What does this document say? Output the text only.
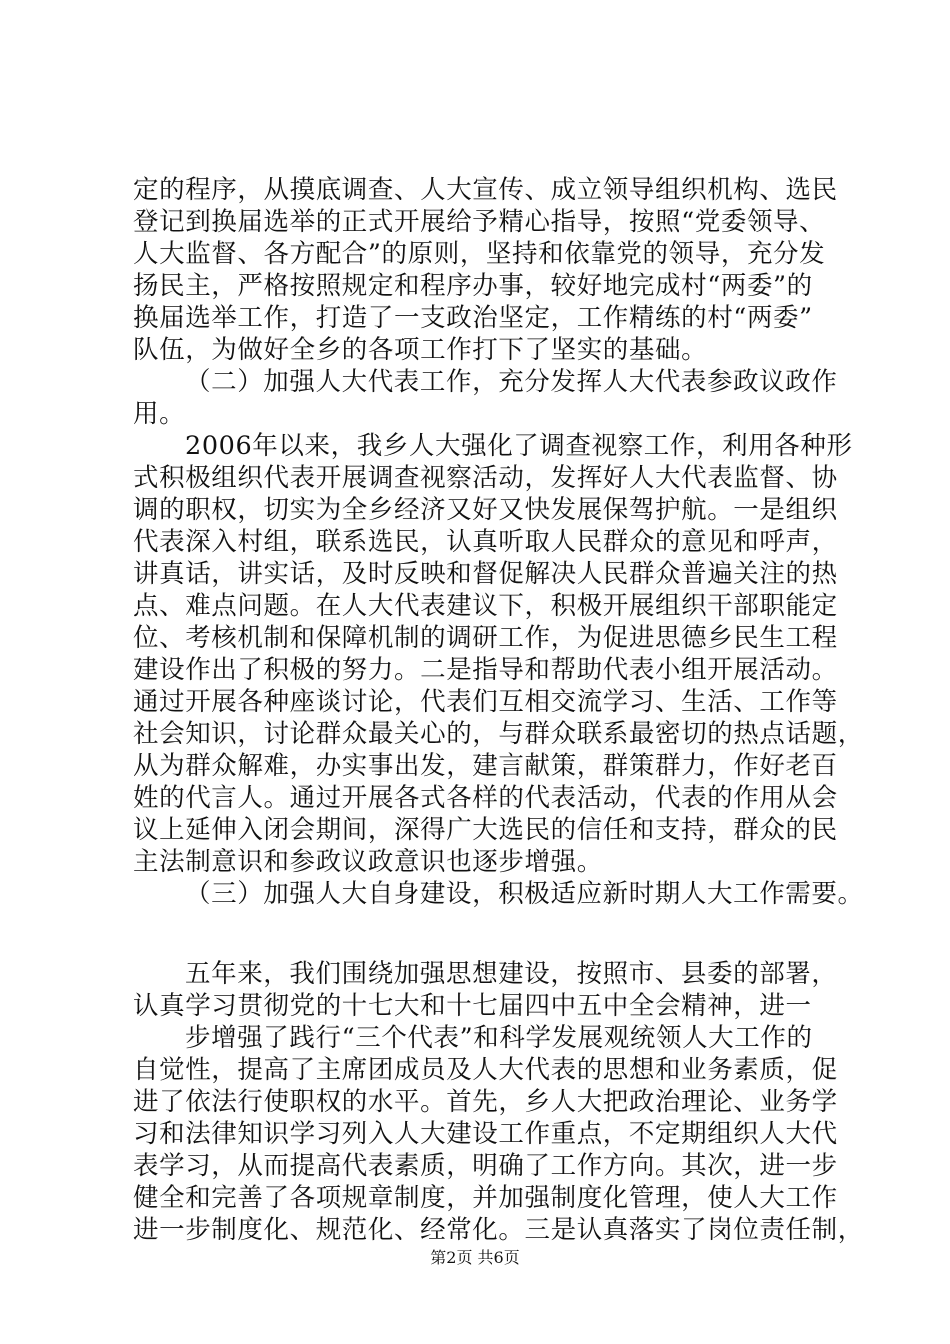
定的程序，从摸底调查、人大宣传、成立领导组织机构、选民
登记到换届选举的正式开展给予精心指导，按照“党委领导、
人大监督、各方配合”的原则，坚持和依靠党的领导，充分发
扬民主，严格按照规定和程序办事，较好地完成村“两委”的
换届选举工作，打造了一支政治坚定，工作精练的村“两委”
队伍，为做好全乡的各项工作打下了坚实的基础。
（二）加强人大代表工作，充分发挥人大代表参政议政作
用。
2006年以来，我乡人大强化了调查视察工作，利用各种形
式积极组织代表开展调查视察活动，发挥好人大代表监督、协
调的职权，切实为全乡经济又好又快发展保驾护航。一是组织
代表深入村组，联系选民，认真听取人民群众的意见和呼声，
讲真话，讲实话，及时反映和督促解决人民群众普遍关注的热
点、难点问题。在人大代表建议下，积极开展组织干部职能定
位、考核机制和保障机制的调研工作，为促进思德乡民生工程
建设作出了积极的努力。二是指导和帮助代表小组开展活动。
通过开展各种座谈讨论，代表们互相交流学习、生活、工作等
社会知识，讨论群众最关心的，与群众联系最密切的热点话题，
从为群众解难，办实事出发，建言献策，群策群力，作好老百
姓的代言人。通过开展各式各样的代表活动，代表的作用从会
议上延伸入闭会期间，深得广大选民的信任和支持，群众的民
主法制意识和参政议政意识也逐步增强。
（三）加强人大自身建设，积极适应新时期人大工作需要。
五年来，我们围绕加强思想建设，按照市、县委的部署，
认真学习贯彻党的十七大和十七届四中五中全会精神，进一
步增强了践行“三个代表”和科学发展观统领人大工作的
自觉性，提高了主席团成员及人大代表的思想和业务素质，促
进了依法行使职权的水平。首先，乡人大把政治理论、业务学
习和法律知识学习列入人大建设工作重点，不定期组织人大代
表学习，从而提高代表素质，明确了工作方向。其次，进一步
健全和完善了各项规章制度，并加强制度化管理，使人大工作
进一步制度化、规范化、经常化。三是认真落实了岗位责任制，
第2页 共6页
